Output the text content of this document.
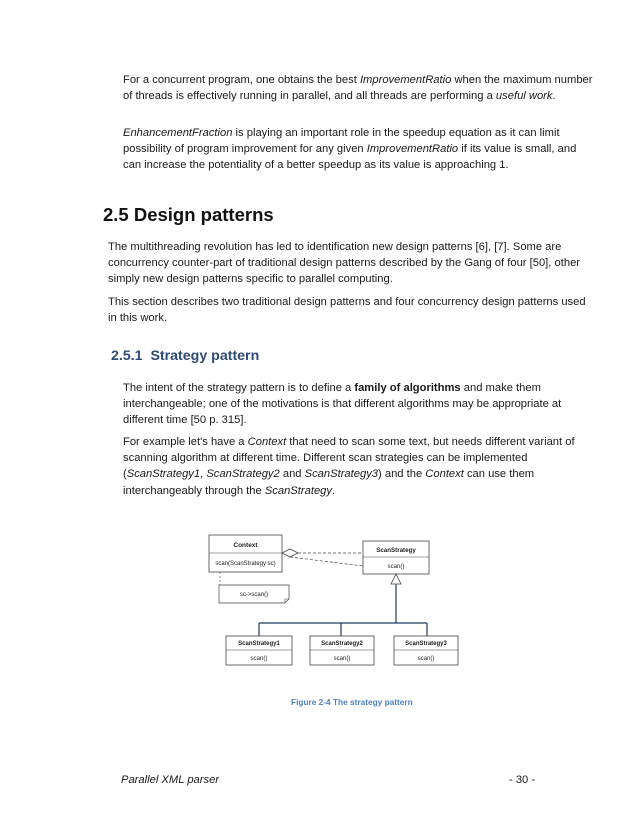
For a concurrent program, one obtains the best ImprovementRatio when the maximum number of threads is effectively running in parallel, and all threads are performing a useful work.

EnhancementFraction is playing an important role in the speedup equation as it can limit possibility of program improvement for any given ImprovementRatio if its value is small, and can increase the potentiality of a better speedup as its value is approaching 1.

2.5 Design patterns

The multithreading revolution has led to identification new design patterns [6], [7]. Some are concurrency counter-part of traditional design patterns described by the Gang of four [50], other simply new design patterns specific to parallel computing.

This section describes two traditional design patterns and four concurrency design patterns used in this work.

2.5.1 Strategy pattern

The intent of the strategy pattern is to define a family of algorithms and make them interchangeable; one of the motivations is that different algorithms may be appropriate at different time [50 p. 315].

For example let's have a Context that need to scan some text, but needs different variant of scanning algorithm at different time. Different scan strategies can be implemented (ScanStrategy1, ScanStrategy2 and ScanStrategy3) and the Context can use them interchangeably through the ScanStrategy.

Context
scan(ScanStrategy sc)
sc->scan()
ScanStrategy
scan()
ScanStrategy1
scan()
ScanStrategy2
scan()
ScanStrategy3
scan()
Figure 2-4 The strategy pattern
Parallel XML parser	- 30 -
